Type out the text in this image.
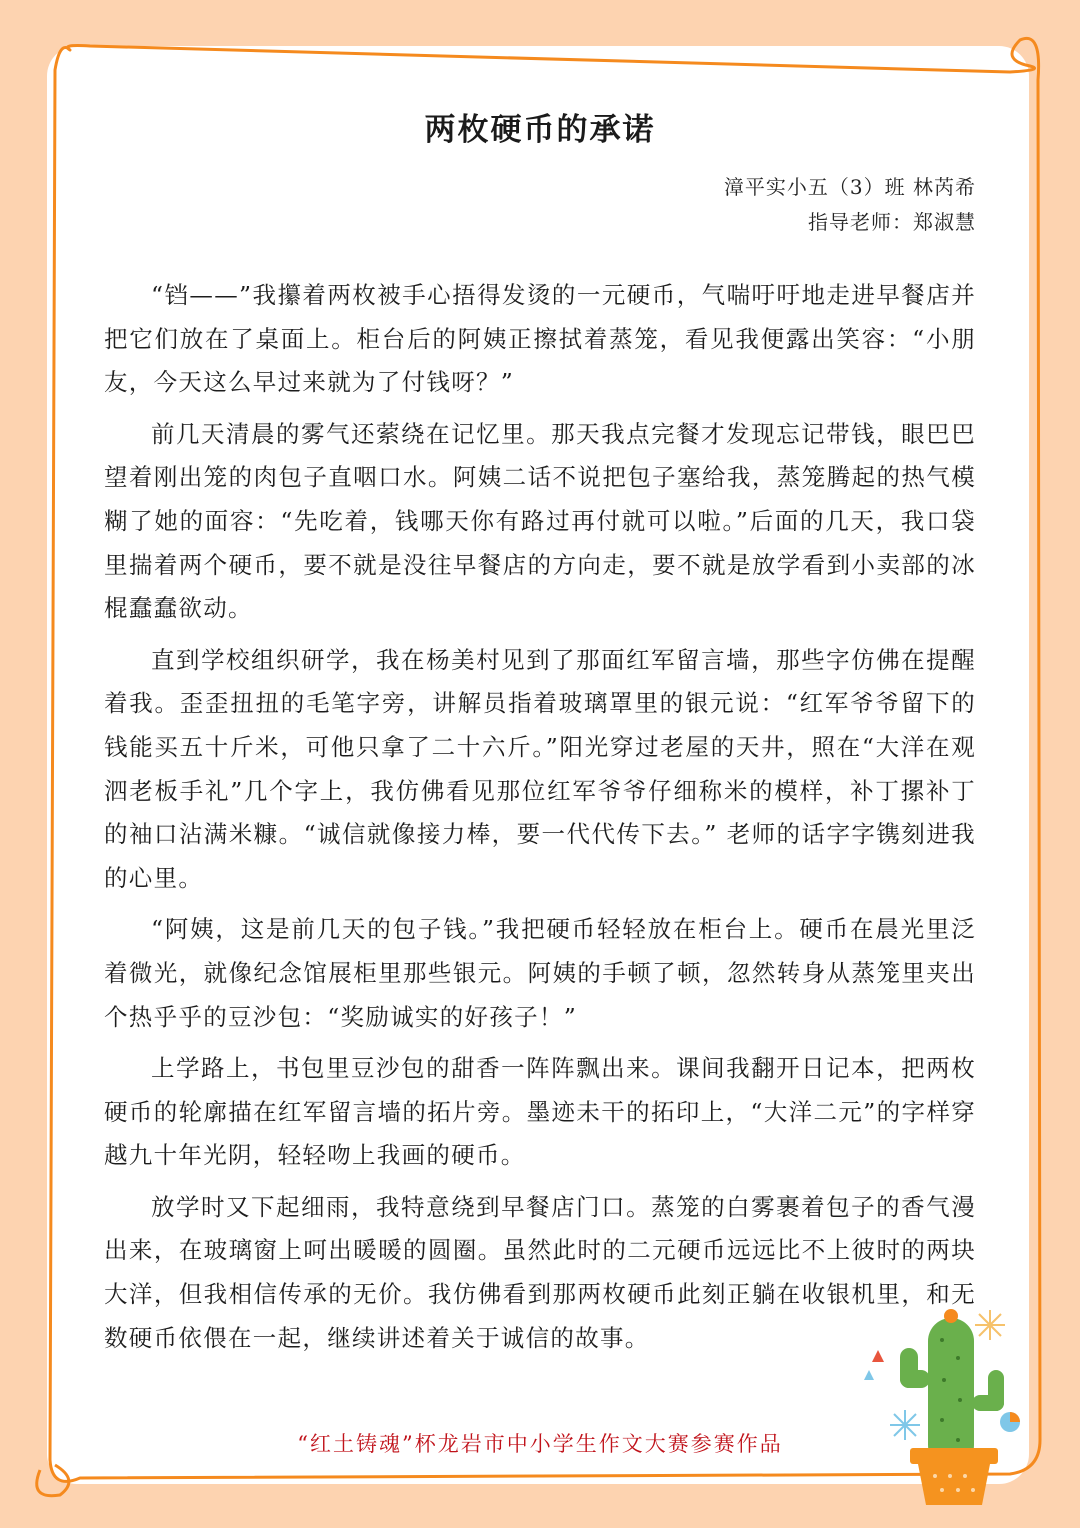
两枚硬币的承诺
漳平实小五（3）班 林芮希
指导老师：郑淑慧

“铛——”我攥着两枚被手心捂得发烫的一元硬币，气喘吁吁地走进早餐店并把它们放在了桌面上。柜台后的阿姨正擦拭着蒸笼，看见我便露出笑容：“小朋友，今天这么早过来就为了付钱呀？”

前几天清晨的雾气还萦绕在记忆里。那天我点完餐才发现忘记带钱，眼巴巴望着刚出笼的肉包子直咽口水。阿姨二话不说把包子塞给我，蒸笼腾起的热气模糊了她的面容：“先吃着，钱哪天你有路过再付就可以啦。”后面的几天，我口袋里揣着两个硬币，要不就是没往早餐店的方向走，要不就是放学看到小卖部的冰棍蠢蠢欲动。

直到学校组织研学，我在杨美村见到了那面红军留言墙，那些字仿佛在提醒着我。歪歪扭扭的毛笔字旁，讲解员指着玻璃罩里的银元说：“红军爷爷留下的钱能买五十斤米，可他只拿了二十六斤。”阳光穿过老屋的天井，照在“大洋在观泗老板手礼”几个字上，我仿佛看见那位红军爷爷仔细称米的模样，补丁摞补丁的袖口沾满米糠。“诚信就像接力棒，要一代代传下去。” 老师的话字字镌刻进我的心里。

“阿姨，这是前几天的包子钱。”我把硬币轻轻放在柜台上。硬币在晨光里泛着微光，就像纪念馆展柜里那些银元。阿姨的手顿了顿，忽然转身从蒸笼里夹出个热乎乎的豆沙包：“奖励诚实的好孩子！”

上学路上，书包里豆沙包的甜香一阵阵飘出来。课间我翻开日记本，把两枚硬币的轮廓描在红军留言墙的拓片旁。墨迹未干的拓印上，“大洋二元”的字样穿越九十年光阴，轻轻吻上我画的硬币。

放学时又下起细雨，我特意绕到早餐店门口。蒸笼的白雾裹着包子的香气漫出来，在玻璃窗上呵出暖暖的圆圈。虽然此时的二元硬币远远比不上彼时的两块大洋，但我相信传承的无价。我仿佛看到那两枚硬币此刻正躺在收银机里，和无数硬币依偎在一起，继续讲述着关于诚信的故事。

“红土铸魂”杯龙岩市中小学生作文大赛参赛作品
